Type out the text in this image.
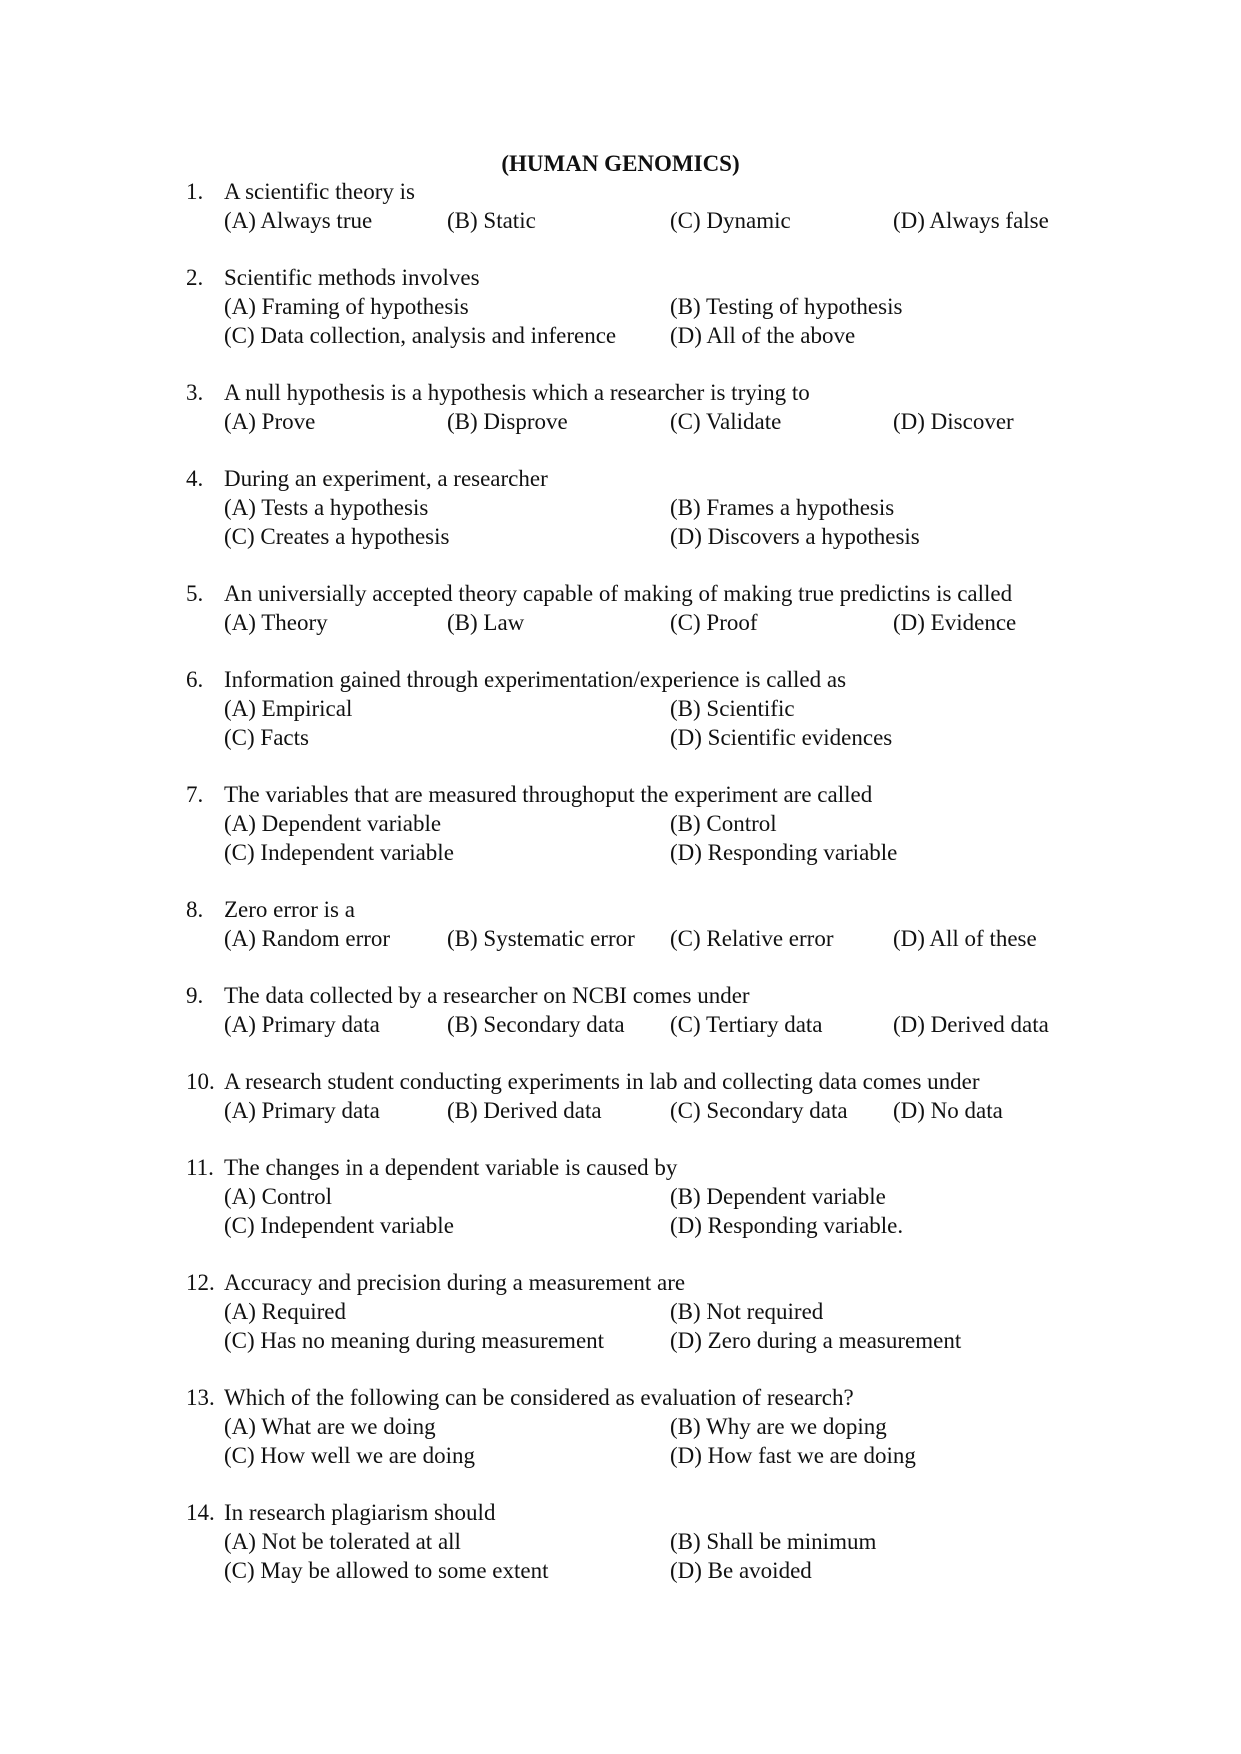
(HUMAN GENOMICS)
1. A scientific theory is
(A) Always true	(B) Static	(C) Dynamic	(D) Always false
2. Scientific methods involves
(A) Framing of hypothesis	(B) Testing of hypothesis
(C) Data collection, analysis and inference (D) All of the above
3. A null hypothesis is a hypothesis which a researcher is trying to
(A) Prove	(B) Disprove	(C) Validate	(D) Discover
4. During an experiment, a researcher
(A) Tests a hypothesis	(B) Frames a hypothesis
(C) Creates a hypothesis	(D) Discovers a hypothesis
5. An universially accepted theory capable of making of making true predictins is called
(A) Theory	(B) Law	(C) Proof	(D) Evidence
6. Information gained through experimentation/experience is called as
(A) Empirical	(B) Scientific
(C) Facts	(D) Scientific evidences
7. The variables that are measured throughoput the experiment are called
(A) Dependent variable	(B) Control
(C) Independent variable	(D) Responding variable
8. Zero error is a
(A) Random error (B) Systematic error (C) Relative error	(D) All of these
9. The data collected by a researcher on NCBI comes under
(A) Primary data	(B) Secondary data (C) Tertiary data	(D) Derived data
10. A research student conducting experiments in lab and collecting data comes under
(A) Primary data	(B) Derived data	(C) Secondary data (D) No data
11. The changes in a dependent variable is caused by
(A) Control	(B) Dependent variable
(C) Independent variable	(D) Responding variable.
12. Accuracy and precision during a measurement are
(A) Required	(B) Not required
(C) Has no meaning during measurement	(D) Zero during a measurement
13. Which of the following can be considered as evaluation of research?
(A) What are we doing	(B) Why are we doping
(C) How well we are doing	(D) How fast we are doing
14. In research plagiarism should
(A) Not be tolerated at all	(B) Shall be minimum
(C) May be allowed to some extent	(D) Be avoided
